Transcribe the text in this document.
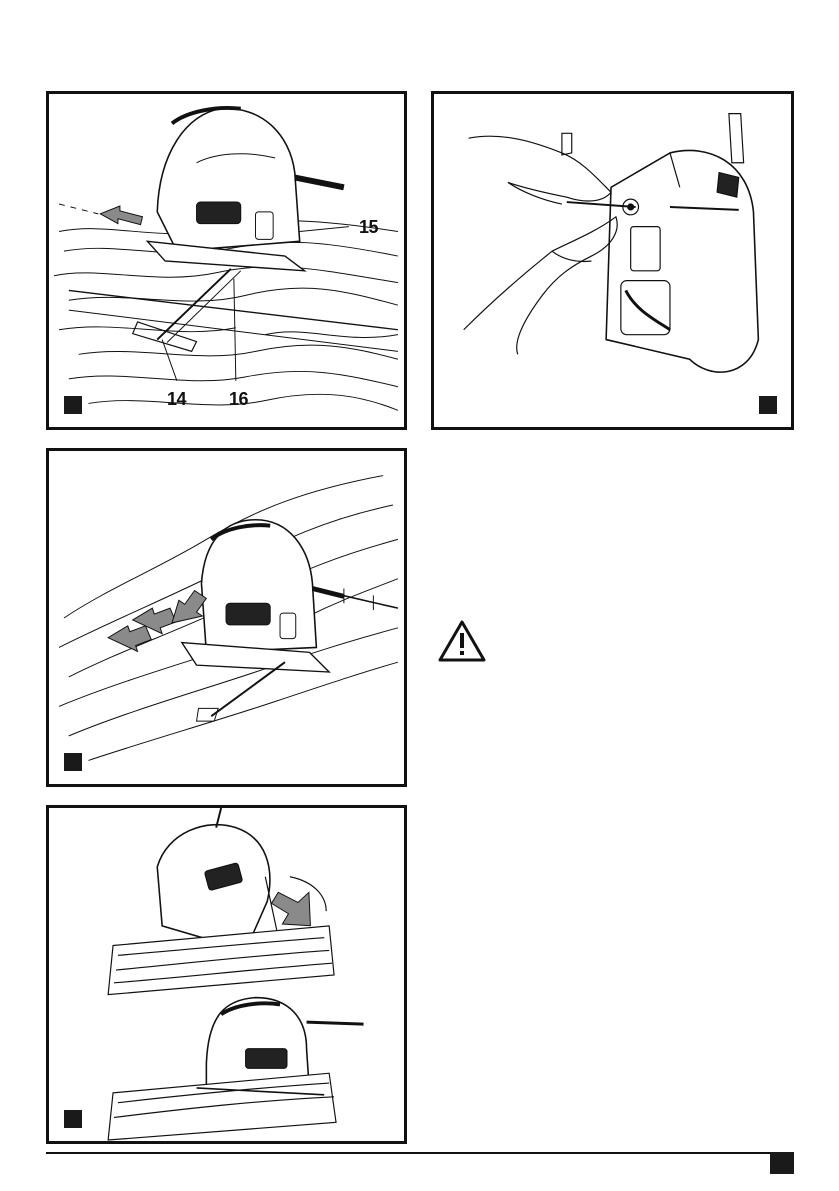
15
14 16
